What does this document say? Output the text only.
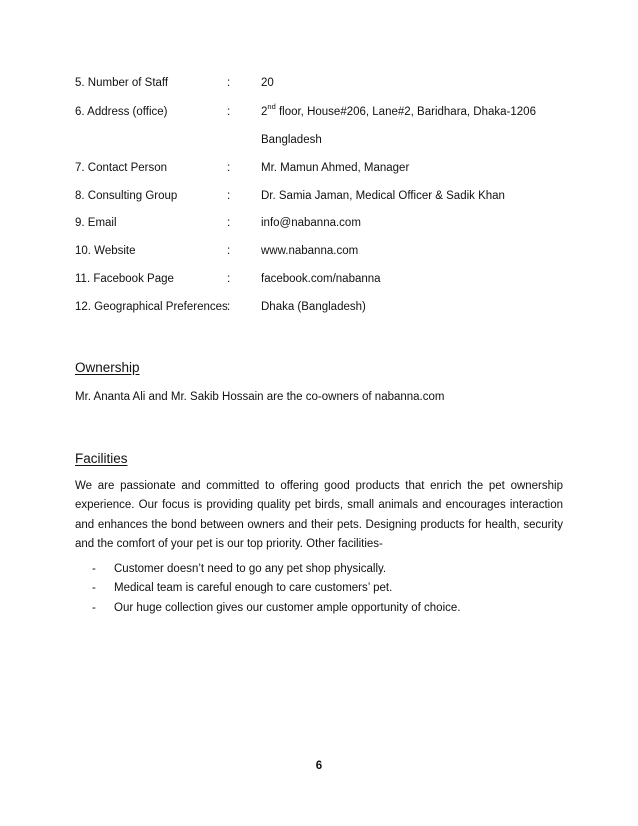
5. Number of Staff	:	20
6. Address (office)	:	2nd floor, House#206, Lane#2, Baridhara, Dhaka-1206
Bangladesh
7. Contact Person	:	Mr. Mamun Ahmed, Manager
8. Consulting Group	:	Dr. Samia Jaman, Medical Officer & Sadik Khan
9. Email	:	info@nabanna.com
10. Website	:	www.nabanna.com
11. Facebook Page	:	facebook.com/nabanna
12. Geographical Preferences :	Dhaka (Bangladesh)
Ownership
Mr. Ananta Ali and Mr. Sakib Hossain are the co-owners of nabanna.com
Facilities
We are passionate and committed to offering good products that enrich the pet ownership experience. Our focus is providing quality pet birds, small animals and encourages interaction and enhances the bond between owners and their pets. Designing products for health, security and the comfort of your pet is our top priority. Other facilities-
- Customer doesn’t need to go any pet shop physically.
- Medical team is careful enough to care customers’ pet.
- Our huge collection gives our customer ample opportunity of choice.
6
